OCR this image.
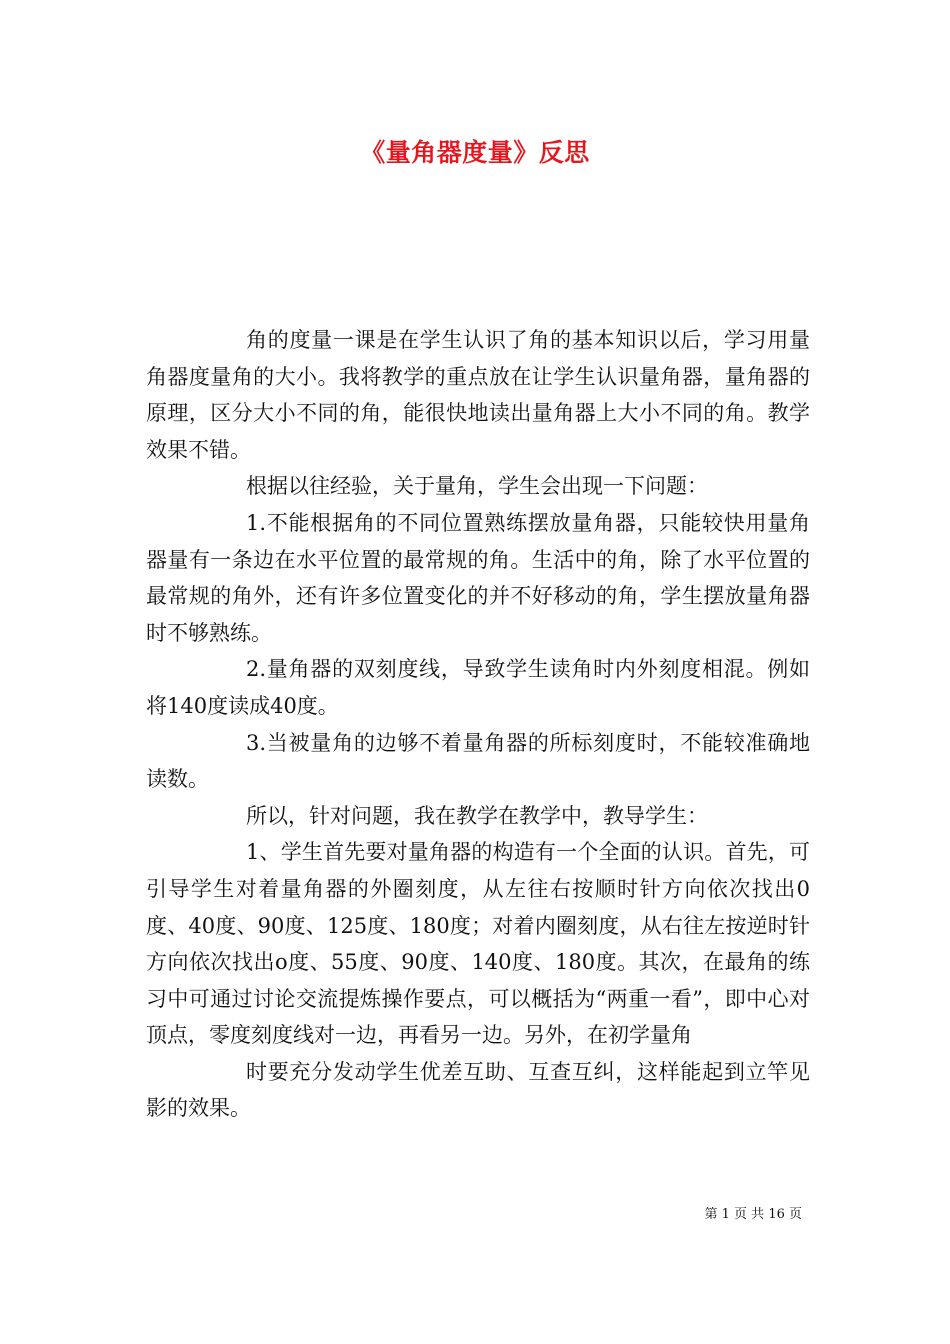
《量角器度量》反思

角的度量一课是在学生认识了角的基本知识以后，学习用量角器度量角的大小。我将教学的重点放在让学生认识量角器，量角器的原理，区分大小不同的角，能很快地读出量角器上大小不同的角。教学效果不错。

根据以往经验，关于量角，学生会出现一下问题：

1.不能根据角的不同位置熟练摆放量角器，只能较快用量角器量有一条边在水平位置的最常规的角。生活中的角，除了水平位置的最常规的角外，还有许多位置变化的并不好移动的角，学生摆放量角器时不够熟练。

2.量角器的双刻度线，导致学生读角时内外刻度相混。例如将140度读成40度。

3.当被量角的边够不着量角器的所标刻度时，不能较准确地读数。

所以，针对问题，我在教学在教学中，教导学生：

1、学生首先要对量角器的构造有一个全面的认识。首先，可引导学生对着量角器的外圈刻度，从左往右按顺时针方向依次找出0度、40度、90度、125度、180度；对着内圈刻度，从右往左按逆时针方向依次找出o度、55度、90度、140度、180度。其次，在最角的练习中可通过讨论交流提炼操作要点，可以概括为“两重一看”，即中心对顶点，零度刻度线对一边，再看另一边。另外，在初学量角

时要充分发动学生优差互助、互查互纠，这样能起到立竿见影的效果。

第 1 页 共 16 页
